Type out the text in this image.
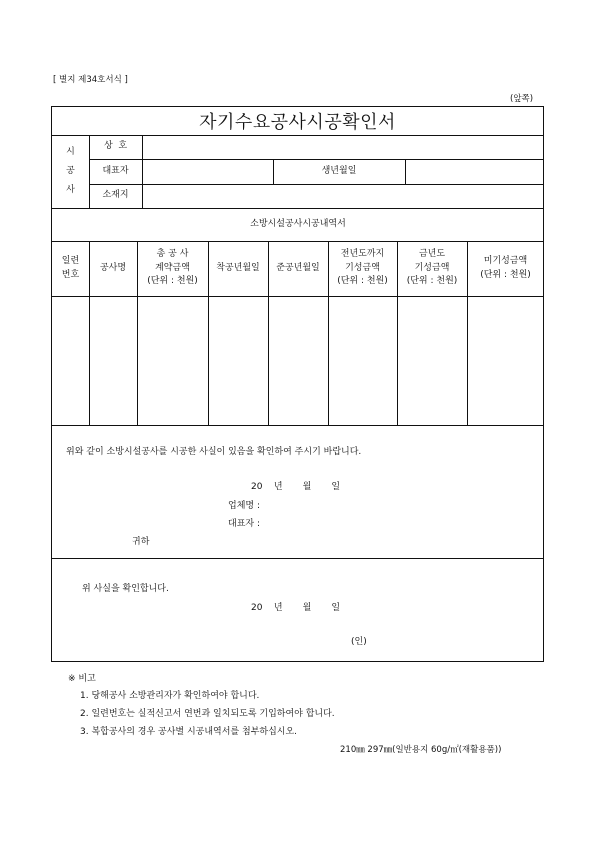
[ 별지 제34호서식 ]
(앞쪽)
자기수요공사시공확인서
시
공
사
상  호
대표자	생년월일
소재지
소방시설공사시공내역서
일련
번호
공사명
총 공 사
계약금액
(단위 : 천원)
착공년월일 준공년월일
전년도까지
기성금액
(단위 : 천원)
금년도
기성금액
(단위 : 천원)
미기성금액
(단위 : 천원)
위와 같이 소방시설공사를 시공한 사실이 있음을 확인하여 주시기 바랍니다.
20    년       월       일
업체명 :
대표자 :
귀하
위 사실을 확인합니다.
20    년       월       일
(인)
※ 비고
1. 당해공사 소방관리자가 확인하여야 합니다.
2. 일련번호는 실적신고서 연번과 일치되도록 기입하여야 합니다.
3. 복합공사의 경우 공사별 시공내역서를 첨부하십시오.
210㎜ 297㎜(일반용지 60g/㎡(재활용품))
